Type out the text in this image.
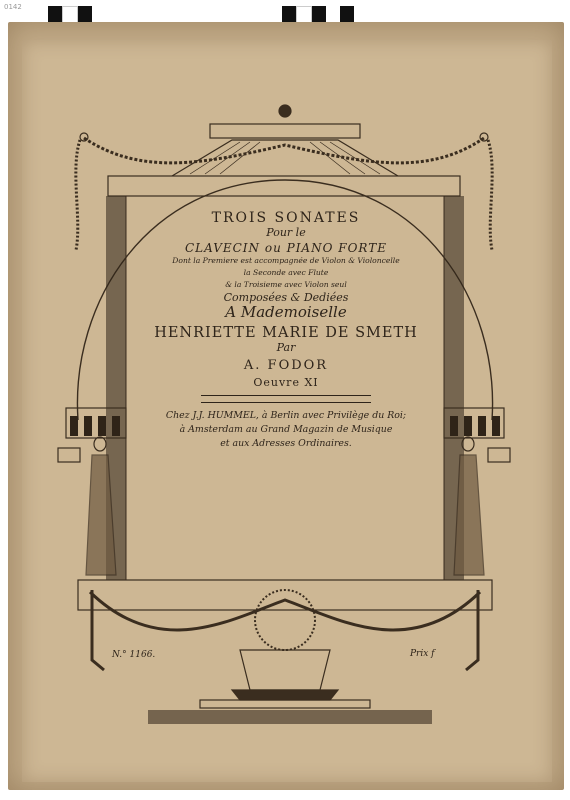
0142
TROIS SONATES
Pour le
CLAVECIN ou PIANO FORTE
Dont la Premiere est accompagnée de Violon & Violoncelle
la Seconde avec Flute
& la Troisieme avec Violon seul
Composées & Dediées
A Mademoiselle
HENRIETTE MARIE DE SMETH
Par
A. FODOR
Oeuvre XI
Chez J.J. HUMMEL, à Berlin avec Privilège du Roi;
à Amsterdam au Grand Magazin de Musique
et aux Adresses Ordinaires.
N.° 1166.	Prix f
